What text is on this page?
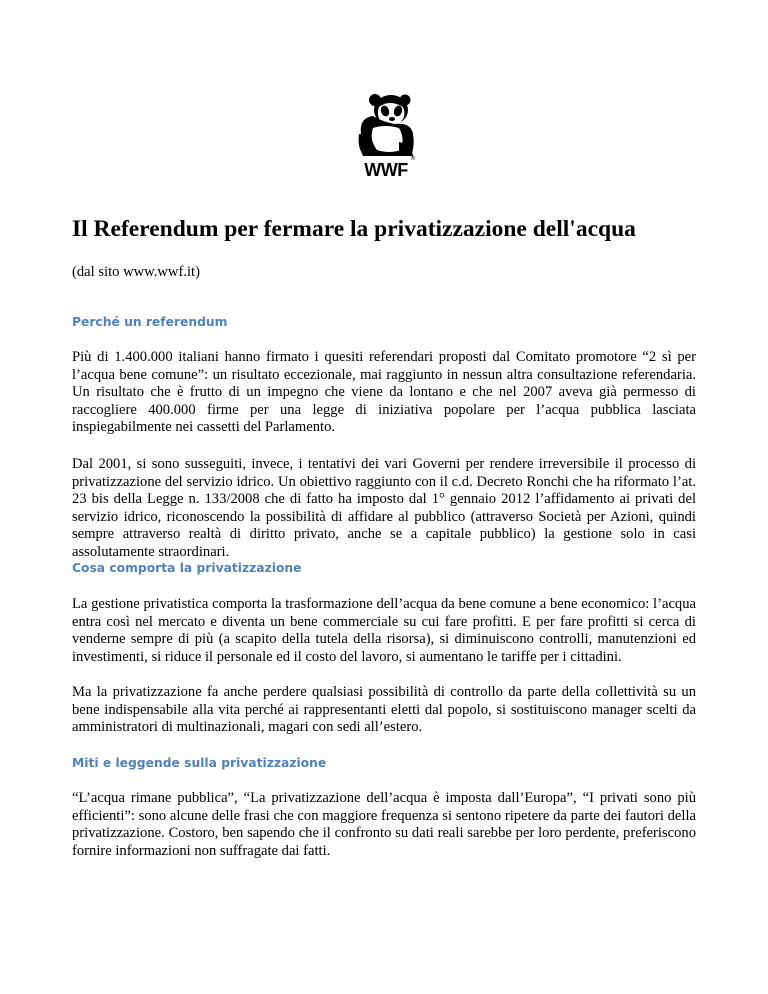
®
®
WWF
Il Referendum per fermare la privatizzazione dell'acqua

(dal sito www.wwf.it)

Perché un referendum

Più di 1.400.000 italiani hanno firmato i quesiti referendari proposti dal Comitato promotore “2 sì per l’acqua bene comune”: un risultato eccezionale, mai raggiunto in nessun altra consultazione referendaria. Un risultato che è frutto di un impegno che viene da lontano e che nel 2007 aveva già permesso di raccogliere 400.000 firme per una legge di iniziativa popolare per l’acqua pubblica lasciata inspiegabilmente nei cassetti del Parlamento.

Dal 2001, si sono susseguiti, invece, i tentativi dei vari Governi per rendere irreversibile il processo di privatizzazione del servizio idrico. Un obiettivo raggiunto con il c.d. Decreto Ronchi che ha riformato l’at. 23 bis della Legge n. 133/2008 che di fatto ha imposto dal 1° gennaio 2012 l’affidamento ai privati del servizio idrico, riconoscendo la possibilità di affidare al pubblico (attraverso Società per Azioni, quindi sempre attraverso realtà di diritto privato, anche se a capitale pubblico) la gestione solo in casi assolutamente straordinari.

Cosa comporta la privatizzazione

La gestione privatistica comporta la trasformazione dell’acqua da bene comune a bene economico: l’acqua entra così nel mercato e diventa un bene commerciale su cui fare profitti. E per fare profitti si cerca di venderne sempre di più (a scapito della tutela della risorsa), si diminuiscono controlli, manutenzioni ed investimenti, si riduce il personale ed il costo del lavoro, si aumentano le tariffe per i cittadini.

Ma la privatizzazione fa anche perdere qualsiasi possibilità di controllo da parte della collettività su un bene indispensabile alla vita perché ai rappresentanti eletti dal popolo, si sostituiscono manager scelti da amministratori di multinazionali, magari con sedi all’estero.

Miti e leggende sulla privatizzazione

“L’acqua rimane pubblica”, “La privatizzazione dell’acqua è imposta dall’Europa”, “I privati sono più efficienti”: sono alcune delle frasi che con maggiore frequenza si sentono ripetere da parte dei fautori della privatizzazione. Costoro, ben sapendo che il confronto su dati reali sarebbe per loro perdente, preferiscono fornire informazioni non suffragate dai fatti.
